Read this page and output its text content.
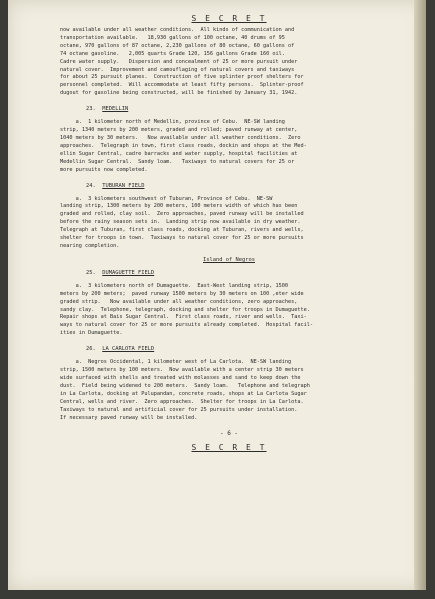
S E C R E T

now available under all weather conditions.  All kinds of communication and

transportation available.   18,930 gallons of 100 octane, 40 drums of 95

octane, 970 gallons of 87 octane, 2,230 gallons of 80 octane, 60 gallons of

74 octane gasoline.   2,005 quarts Grade 120, 156 gallons Grade 160 oil.

Cadre water supply.   Dispersion and concealment of 25 or more pursuit under

natural cover.  Improvement and camouflaging of natural covers and taxiways

for about 25 pursuit planes.  Construction of five splinter proof shelters for

personnel completed.  Will accommodate at least fifty persons.  Splinter-proof

dugout for gasoline being constructed, will be finished by January 31, 1942.

23. MEDELLIN

a.  1 kilometer north of Medellin, province of Cebu.  NE-SW landing

strip, 1340 meters by 200 meters, graded and rolled; paved runway at center,

1040 meters by 30 meters.   Now available under all weather conditions.  Zero

approaches.  Telegraph in town, first class roads, dockin and shops at the Med-

ellin Sugar Central, cadre barracks and water supply, hospital facilities at

Medellin Sugar Central.  Sandy loam.   Taxiways to natural covers for 25 or

more pursuits now completed.

24. TUBURAN FIELD

a.  3 kilometers southwest of Tuburan, Province of Cebu.  NE-SW

landing strip, 1300 meters by 200 meters, 100 meters width of which has been

graded and rolled, clay soil.  Zero approaches, paved runway will be installed

before the rainy season sets in.  Landing strip now available in dry weather.

Telegraph at Tuburan, first class roads, docking at Tuburan, rivers and wells,

shelter for troops in town.  Taxiways to natural cover for 25 or more pursuits

nearing completion.

Island of Negros
25. DUMAGUETTE FIELD

a.  3 kilometers north of Dumaguette.  East-West landing strip, 1500

meters by 200 meters;  paved runway 1500 meters by 30 meters on 100 ,eter wide

graded strip.   Now available under all weather conditions, zero approaches,

sandy clay.  Telephone, telegraph, docking and shelter for troops in Dumaguette.

Repair shops at Bais Sugar Central.  First class roads, river and wells.  Taxi-

ways to natural cover for 25 or more pursuits already completed.  Hospital facil-

ities in Dumaguette.

26. LA CARLOTA FIELD

a.  Negros Occidental, 1 kilometer west of La Carlota.  NE-SW landing

strip, 1500 meters by 100 meters.  Now available with a center strip 30 meters

wide surfaced with shells and treated with molasses and sand to keep down the

dust.  Field being widened to 200 meters.  Sandy loam.   Telephone and telegraph

in La Carlota, docking at Pulupandan, concrete roads, shops at La Carlota Sugar

Central, wells and river.  Zero approaches.  Shelter for troops in La Carlota.

Taxiways to natural and artificial cover for 25 pursuits under installation.

If necessary paved runway will be installed.

- 6 -
S E C R E T
